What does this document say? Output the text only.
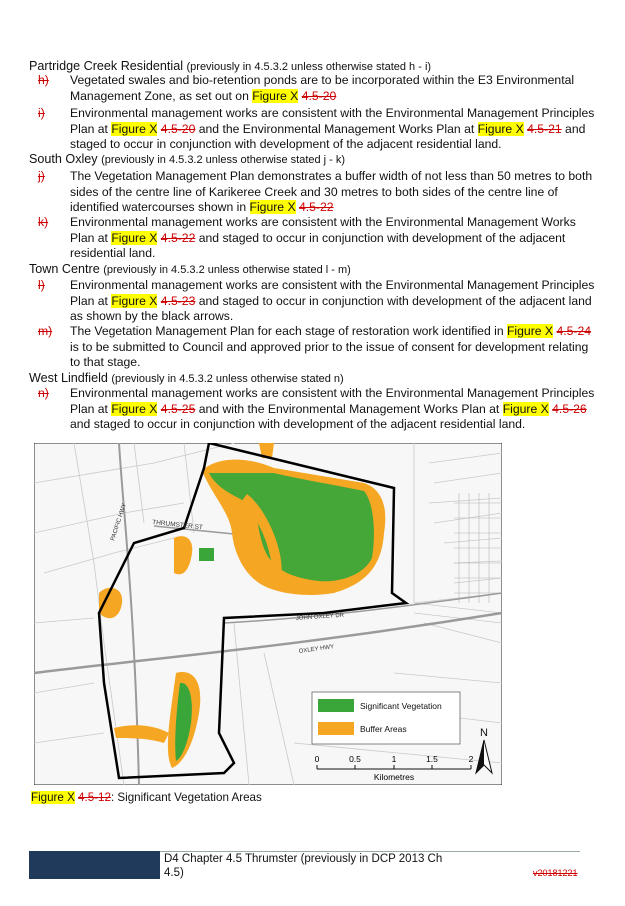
Partridge Creek Residential (previously in 4.5.3.2 unless otherwise stated h - i)
h) Vegetated swales and bio-retention ponds are to be incorporated within the E3 Environmental Management Zone, as set out on Figure X 4.5-20
i) Environmental management works are consistent with the Environmental Management Principles Plan at Figure X 4.5-20 and the Environmental Management Works Plan at Figure X 4.5-21 and staged to occur in conjunction with development of the adjacent residential land.
South Oxley (previously in 4.5.3.2 unless otherwise stated j - k)
j) The Vegetation Management Plan demonstrates a buffer width of not less than 50 metres to both sides of the centre line of Karikeree Creek and 30 metres to both sides of the centre line of identified watercourses shown in Figure X 4.5-22
k) Environmental management works are consistent with the Environmental Management Works Plan at Figure X 4.5-22 and staged to occur in conjunction with development of the adjacent residential land.
Town Centre (previously in 4.5.3.2 unless otherwise stated l - m)
l) Environmental management works are consistent with the Environmental Management Principles Plan at Figure X 4.5-23 and staged to occur in conjunction with development of the adjacent land as shown by the black arrows.
m) The Vegetation Management Plan for each stage of restoration work identified in Figure X 4.5-24 is to be submitted to Council and approved prior to the issue of consent for development relating to that stage.
West Lindfield (previously in 4.5.3.2 unless otherwise stated n)
n) Environmental management works are consistent with the Environmental Management Principles Plan at Figure X 4.5-25 and with the Environmental Management Works Plan at Figure X 4.5-26 and staged to occur in conjunction with development of the adjacent residential land.
THRUMSTER ST
PACIFIC HWY
JOHN OXLEY DR
OXLEY HWY
Significant Vegetation
Buffer Areas	N
0	0.5	1	1.5	2
Kilometres
Figure X 4.5-12: Significant Vegetation Areas
D4 Chapter 4.5 Thrumster (previously in DCP 2013 Ch 4.5)	v20181221
